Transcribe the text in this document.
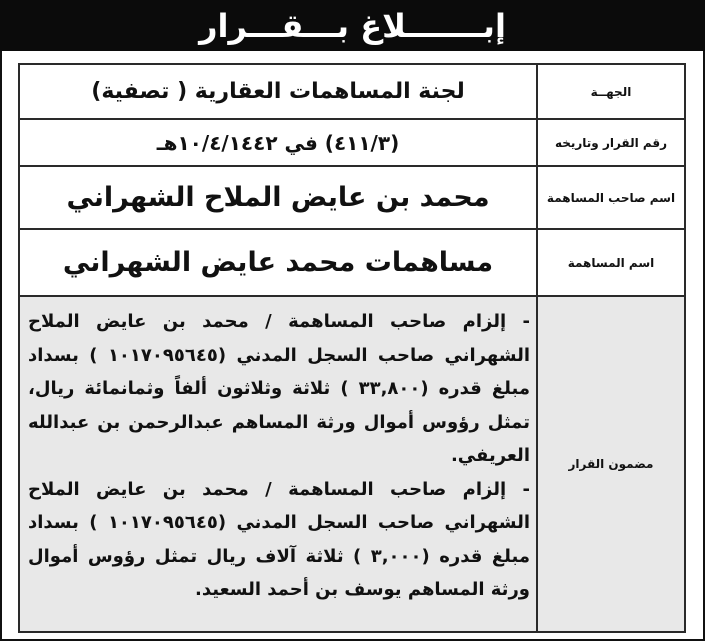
إبـــــــلاغ بـــقـــرار
الجهــة	لجنة المساهمات العقارية ( تصفية)
رقم القرار وتاريخه	(٤١١/٣) في ١٠/٤/١٤٤٢هـ
اسم صاحب المساهمة	محمد بن عايض الملاح الشهراني
اسم المساهمة	مساهمات محمد عايض الشهراني
مضمون القرار	- إلزام صاحب المساهمة / محمد بن عايض الملاح الشهراني صاحب السجل المدني (١٠١٧٠٩٥٦٤٥ ) بسداد مبلغ قدره (٣٣,٨٠٠ ) ثلاثة وثلاثون ألفاً وثمانمائة ريال، تمثل رؤوس أموال ورثة المساهم عبدالرحمن بن عبدالله العريفي.

- إلزام صاحب المساهمة / محمد بن عايض الملاح الشهراني صاحب السجل المدني (١٠١٧٠٩٥٦٤٥ ) بسداد مبلغ قدره (٣,٠٠٠ ) ثلاثة آلاف ريال تمثل رؤوس أموال ورثة المساهم يوسف بن أحمد السعيد.
